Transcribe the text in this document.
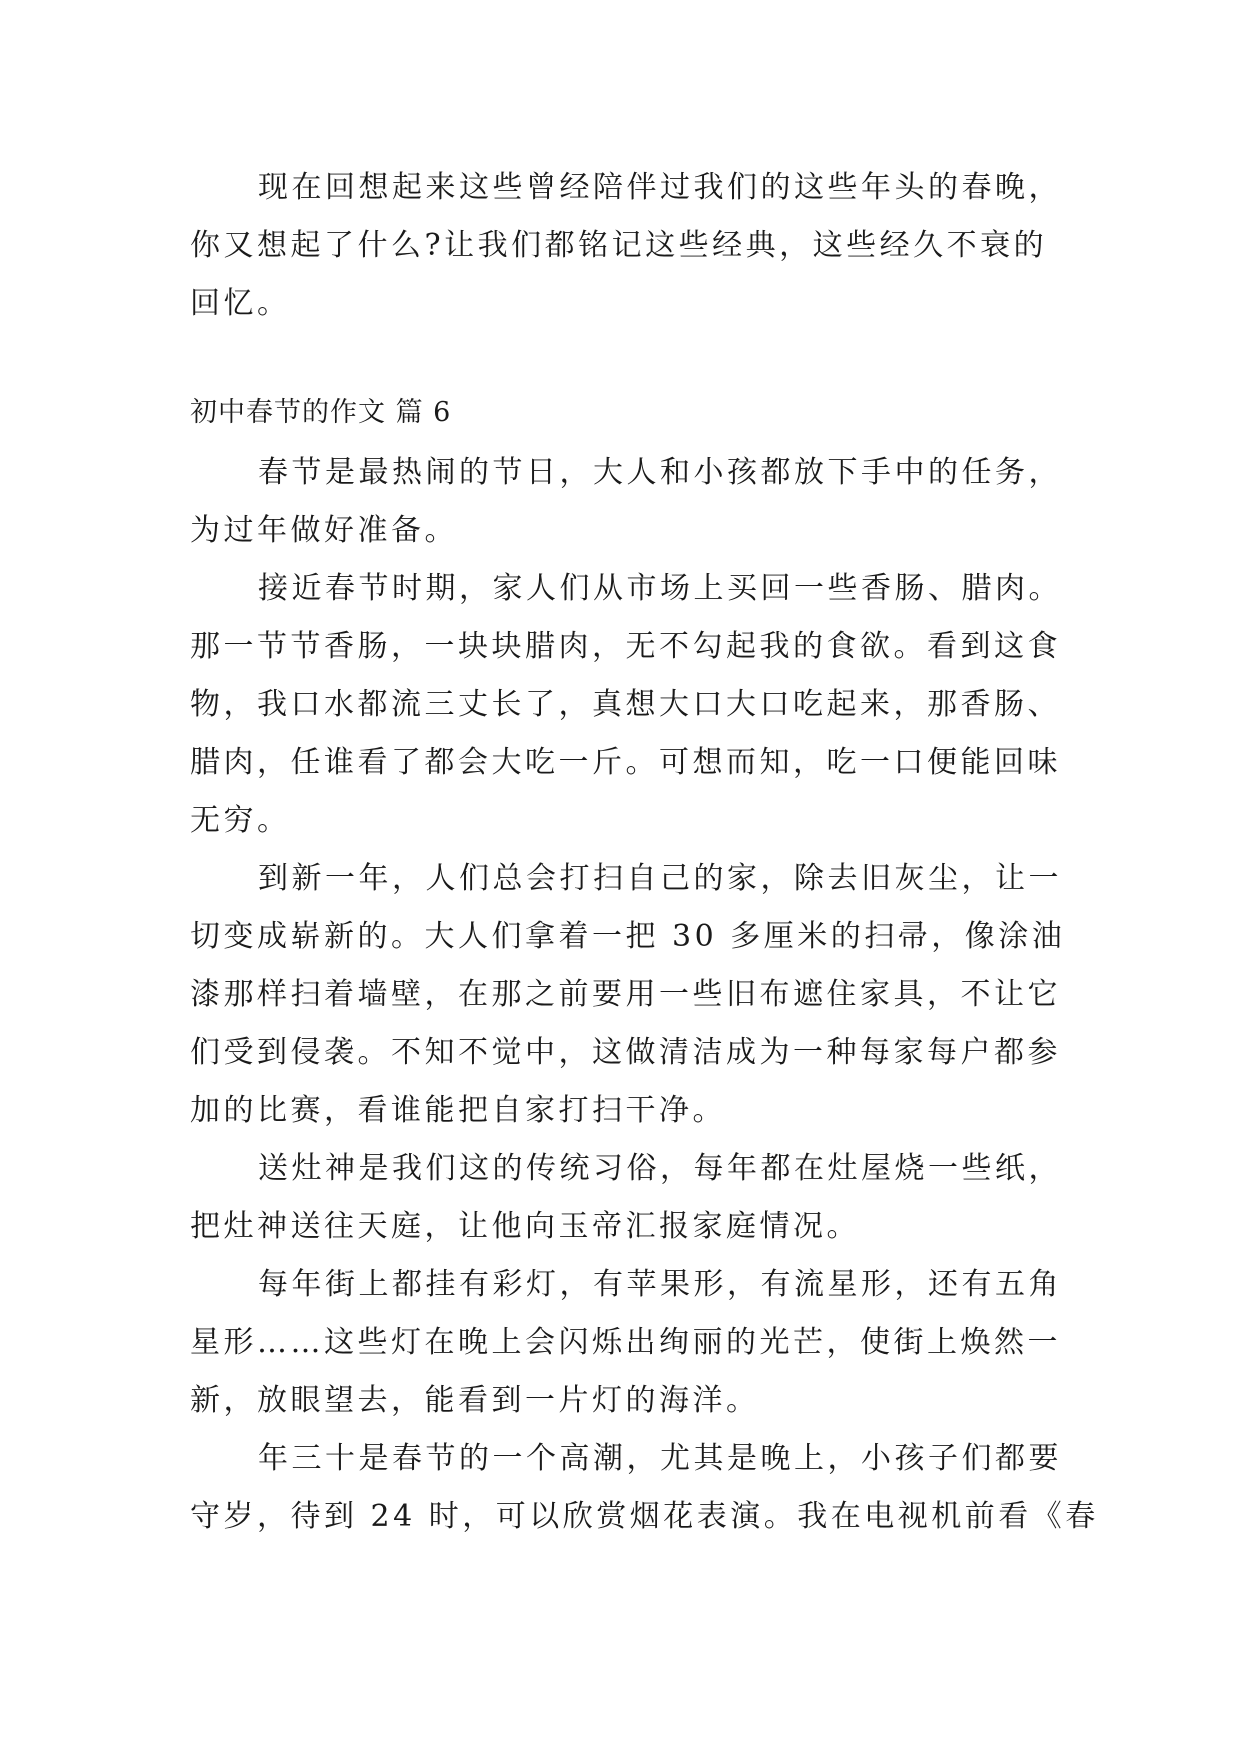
现在回想起来这些曾经陪伴过我们的这些年头的春晚，
你又想起了什么?让我们都铭记这些经典，这些经久不衰的
回忆。
初中春节的作文 篇 6
春节是最热闹的节日，大人和小孩都放下手中的任务，
为过年做好准备。
接近春节时期，家人们从市场上买回一些香肠、腊肉。
那一节节香肠，一块块腊肉，无不勾起我的食欲。看到这食
物，我口水都流三丈长了，真想大口大口吃起来，那香肠、
腊肉，任谁看了都会大吃一斤。可想而知，吃一口便能回味
无穷。
到新一年，人们总会打扫自己的家，除去旧灰尘，让一
切变成崭新的。大人们拿着一把 30 多厘米的扫帚，像涂油
漆那样扫着墙壁，在那之前要用一些旧布遮住家具，不让它
们受到侵袭。不知不觉中，这做清洁成为一种每家每户都参
加的比赛，看谁能把自家打扫干净。
送灶神是我们这的传统习俗，每年都在灶屋烧一些纸，
把灶神送往天庭，让他向玉帝汇报家庭情况。
每年街上都挂有彩灯，有苹果形，有流星形，还有五角
星形……这些灯在晚上会闪烁出绚丽的光芒，使街上焕然一
新，放眼望去，能看到一片灯的海洋。
年三十是春节的一个高潮，尤其是晚上，小孩子们都要
守岁，待到 24 时，可以欣赏烟花表演。我在电视机前看《春
